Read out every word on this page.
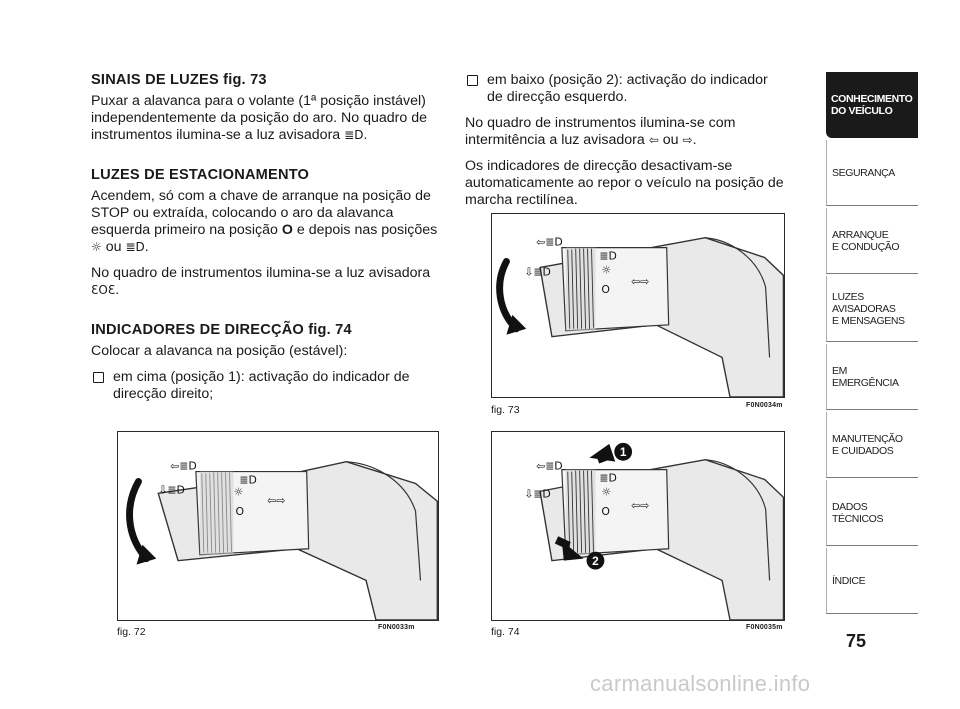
SINAIS DE LUZES fig. 73
Puxar a alavanca para o volante (1ª posição instável) independentemente da posição do aro. No quadro de instrumentos ilumina-se a luz avisadora ≣D.
LUZES DE ESTACIONAMENTO
Acendem, só com a chave de arranque na posição de STOP ou extraída, colocando o aro da alavanca esquerda primeiro na posição O e depois nas posições ☼ ou ≣D.
No quadro de instrumentos ilumina-se a luz avisadora ƐOƐ.
INDICADORES DE DIRECÇÃO fig. 74
Colocar a alavanca na posição (estável):
em cima (posição 1): activação do indicador de direcção direito;
em baixo (posição 2): activação do indicador de direcção esquerdo.
No quadro de instrumentos ilumina-se com intermitência a luz avisadora ⇦ ou ⇨.
Os indicadores de direcção desactivam-se automaticamente ao repor o veículo na posição de marcha rectilínea.
⇦≣D
⇩≣D
≣D
☼
O
⇦⇨
fig. 72	F0N0033m
⇦≣D
⇩≣D
≣D
☼
O
⇦⇨
fig. 73	F0N0034m
⇦≣D
⇩≣D
≣D
☼
O ⇦⇨
1
2
fig. 74	F0N0035m
CONHECIMENTO
DO VEÍCULO
SEGURANÇA
ARRANQUE
E CONDUÇÃO
LUZES
AVISADORAS
E MENSAGENS
EM EMERGÊNCIA
MANUTENÇÃO
E CUIDADOS
DADOS
TÉCNICOS
ÍNDICE
75
carmanualsonline.info
